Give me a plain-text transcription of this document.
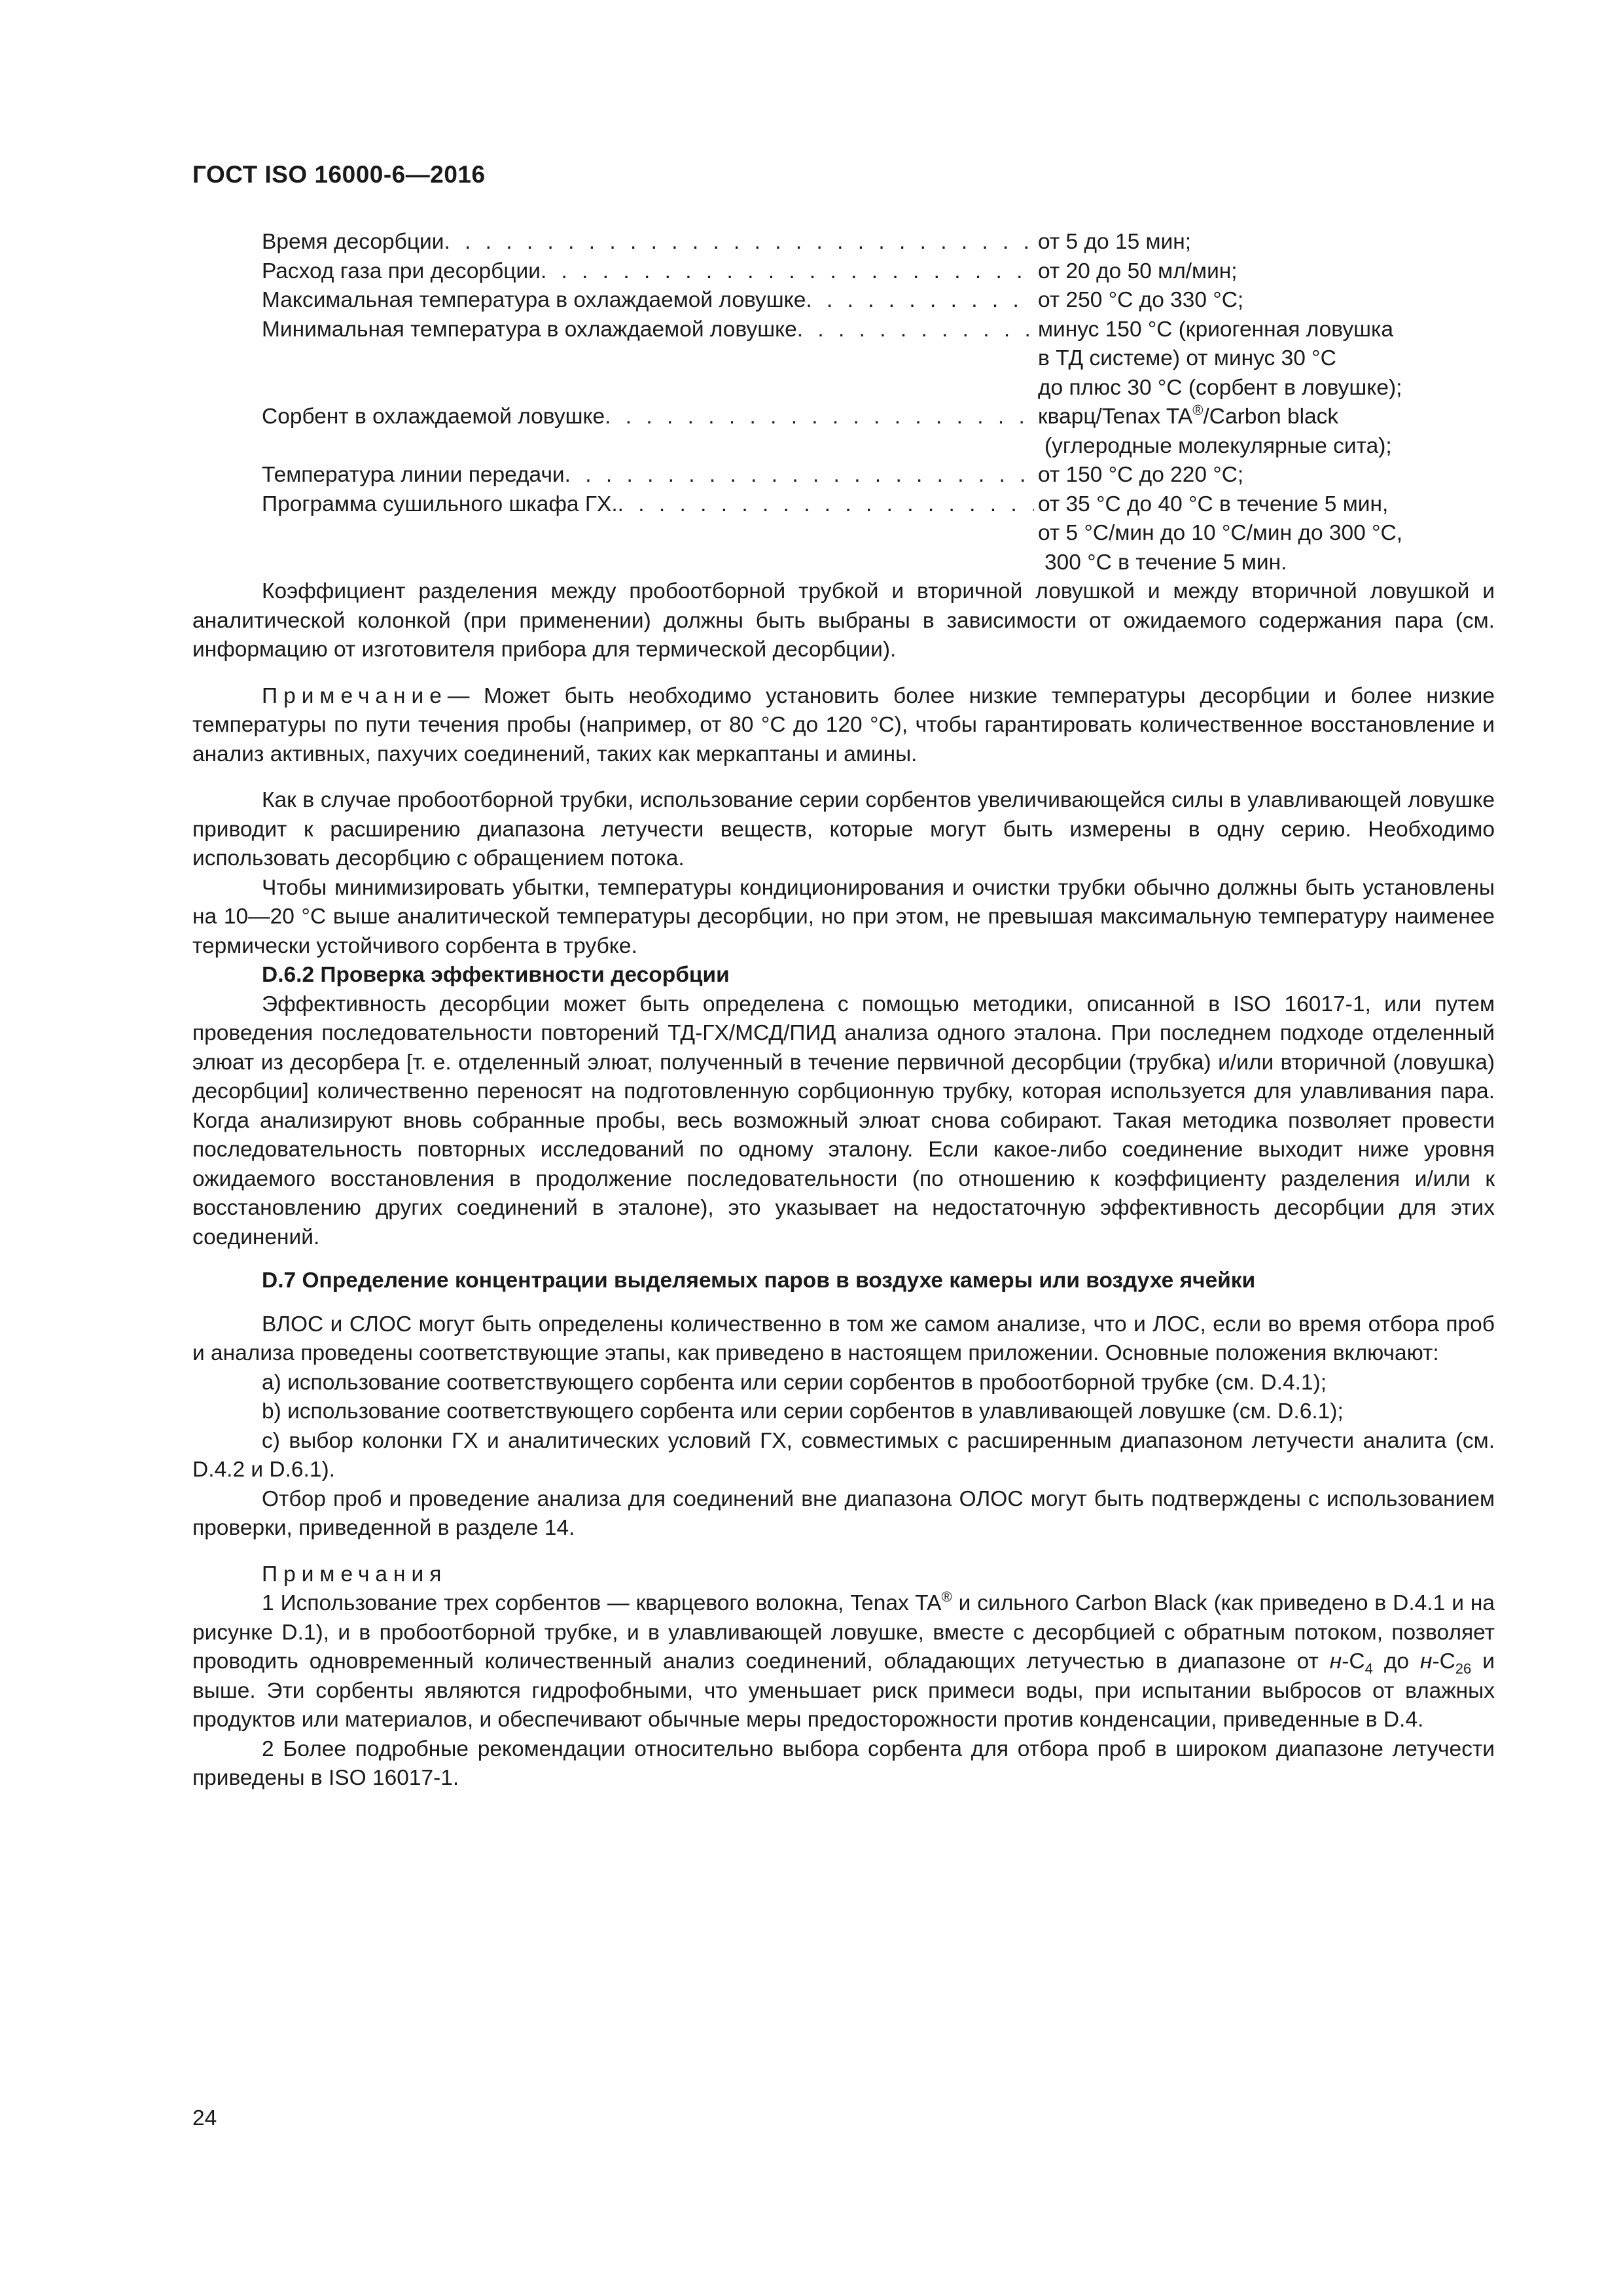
ГОСТ ISO 16000-6—2016
Время десорбции . . .	от 5 до 15 мин;
Расход газа при десорбции . . .	от 20 до 50 мл/мин;
Максимальная температура в охлаждаемой ловушке . . .	от 250 °С до 330 °С;
Минимальная температура в охлаждаемой ловушке . . .	минус 150 °С (криогенная ловушка
в ТД системе) от минус 30 °С
до плюс 30 °С (сорбент в ловушке);
Сорбент в охлаждаемой ловушке . . .	кварц/Tenax TA®/Carbon black
(углеродные молекулярные сита);
Температура линии передачи . . .	от 150 °С до 220 °С;
Программа сушильного шкафа ГХ. . . .	от 35 °С до 40 °С в течение 5 мин,
от 5 °С/мин до 10 °С/мин до 300 °С,
300 °С в течение 5 мин.

Коэффициент разделения между пробоотборной трубкой и вторичной ловушкой и между вторичной ловушкой и аналитической колонкой (при применении) должны быть выбраны в зависимости от ожидаемого содержания пара (см. информацию от изготовителя прибора для термической десорбции).

Примечание— Может быть необходимо установить более низкие температуры десорбции и более низкие температуры по пути течения пробы (например, от 80 °С до 120 °С), чтобы гарантировать количественное восстановление и анализ активных, пахучих соединений, таких как меркаптаны и амины.

Как в случае пробоотборной трубки, использование серии сорбентов увеличивающейся силы в улавливающей ловушке приводит к расширению диапазона летучести веществ, которые могут быть измерены в одну серию. Необходимо использовать десорбцию с обращением потока.

Чтобы минимизировать убытки, температуры кондиционирования и очистки трубки обычно должны быть установлены на 10—20 °С выше аналитической температуры десорбции, но при этом, не превышая максимальную температуру наименее термически устойчивого сорбента в трубке.

D.6.2 Проверка эффективности десорбции

Эффективность десорбции может быть определена с помощью методики, описанной в ISO 16017-1, или путем проведения последовательности повторений ТД-ГХ/МСД/ПИД анализа одного эталона. При последнем подходе отделенный элюат из десорбера [т. е. отделенный элюат, полученный в течение первичной десорбции (трубка) и/или вторичной (ловушка) десорбции] количественно переносят на подготовленную сорбционную трубку, которая используется для улавливания пара. Когда анализируют вновь собранные пробы, весь возможный элюат снова собирают. Такая методика позволяет провести последовательность повторных исследований по одному эталону. Если какое-либо соединение выходит ниже уровня ожидаемого восстановления в продолжение последовательности (по отношению к коэффициенту разделения и/или к восстановлению других соединений в эталоне), это указывает на недостаточную эффективность десорбции для этих соединений.

D.7 Определение концентрации выделяемых паров в воздухе камеры или воздухе ячейки

ВЛОС и СЛОС могут быть определены количественно в том же самом анализе, что и ЛОС, если во время отбора проб и анализа проведены соответствующие этапы, как приведено в настоящем приложении. Основные положения включают:

a) использование соответствующего сорбента или серии сорбентов в пробоотборной трубке (см. D.4.1);

b) использование соответствующего сорбента или серии сорбентов в улавливающей ловушке (см. D.6.1);

c) выбор колонки ГХ и аналитических условий ГХ, совместимых с расширенным диапазоном летучести аналита (см. D.4.2 и D.6.1).

Отбор проб и проведение анализа для соединений вне диапазона ОЛОС могут быть подтверждены с использованием проверки, приведенной в разделе 14.

Примечания

1 Использование трех сорбентов — кварцевого волокна, Tenax TA® и сильного Carbon Black (как приведено в D.4.1 и на рисунке D.1), и в пробоотборной трубке, и в улавливающей ловушке, вместе с десорбцией с обратным потоком, позволяет проводить одновременный количественный анализ соединений, обладающих летучестью в диапазоне от $н-С_4$ до $н-С_{26}$ и выше. Эти сорбенты являются гидрофобными, что уменьшает риск примеси воды, при испытании выбросов от влажных продуктов или материалов, и обеспечивают обычные меры предосторожности против конденсации, приведенные в D.4.

2 Более подробные рекомендации относительно выбора сорбента для отбора проб в широком диапазоне летучести приведены в ISO 16017-1.

24
